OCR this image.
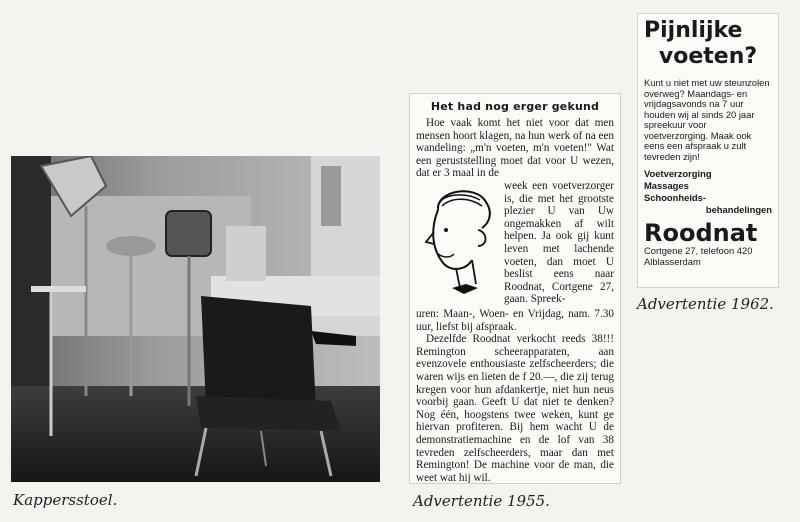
Kappersstoel.
Het had nog erger gekund

Hoe vaak komt het niet voor dat men mensen hoort klagen, na hun werk of na een wandeling: „m'n voeten, m'n voeten!" Wat een geruststelling moet dat voor U wezen, dat er 3 maal in de

week een voetverzorger is, die met het grootste plezier U van Uw ongemakken af wilt helpen. Ja ook gij kunt leven met lachende voeten, dan moet U beslist eens naar Roodnat, Cortgene 27, gaan. Spreek-

uren: Maan-, Woen- en Vrijdag, nam. 7.30 uur, liefst bij afspraak.

Dezelfde Roodnat verkocht reeds 38!!! Remington scheerapparaten, aan evenzovele enthousiaste zelfscheerders; die waren wijs en lieten de f 20.—, die zij terug kregen voor hun afdankertje, niet hun neus voorbij gaan. Geeft U dat niet te denken? Nog één, hoogstens twee weken, kunt ge hiervan profiteren. Bij hem wacht U de demonstratiemachine en de lof van 38 tevreden zelfscheerders, maar dan met Remington! De machine voor de man, die weet wat hij wil.

Advertentie 1955.
Pijnlijke
voeten?
Kunt u niet met uw steunzolen overweg? Maandags- en vrijdagsavonds na 7 uur houden wij al sinds 20 jaar spreekuur voor voetverzorging. Maak ook eens een afspraak u zult tevreden zijn!
Voetverzorging
Massages
Schoonheids-
behandelingen
Roodnat
Cortgene 27, telefoon 420
Alblasserdam
Advertentie 1962.
